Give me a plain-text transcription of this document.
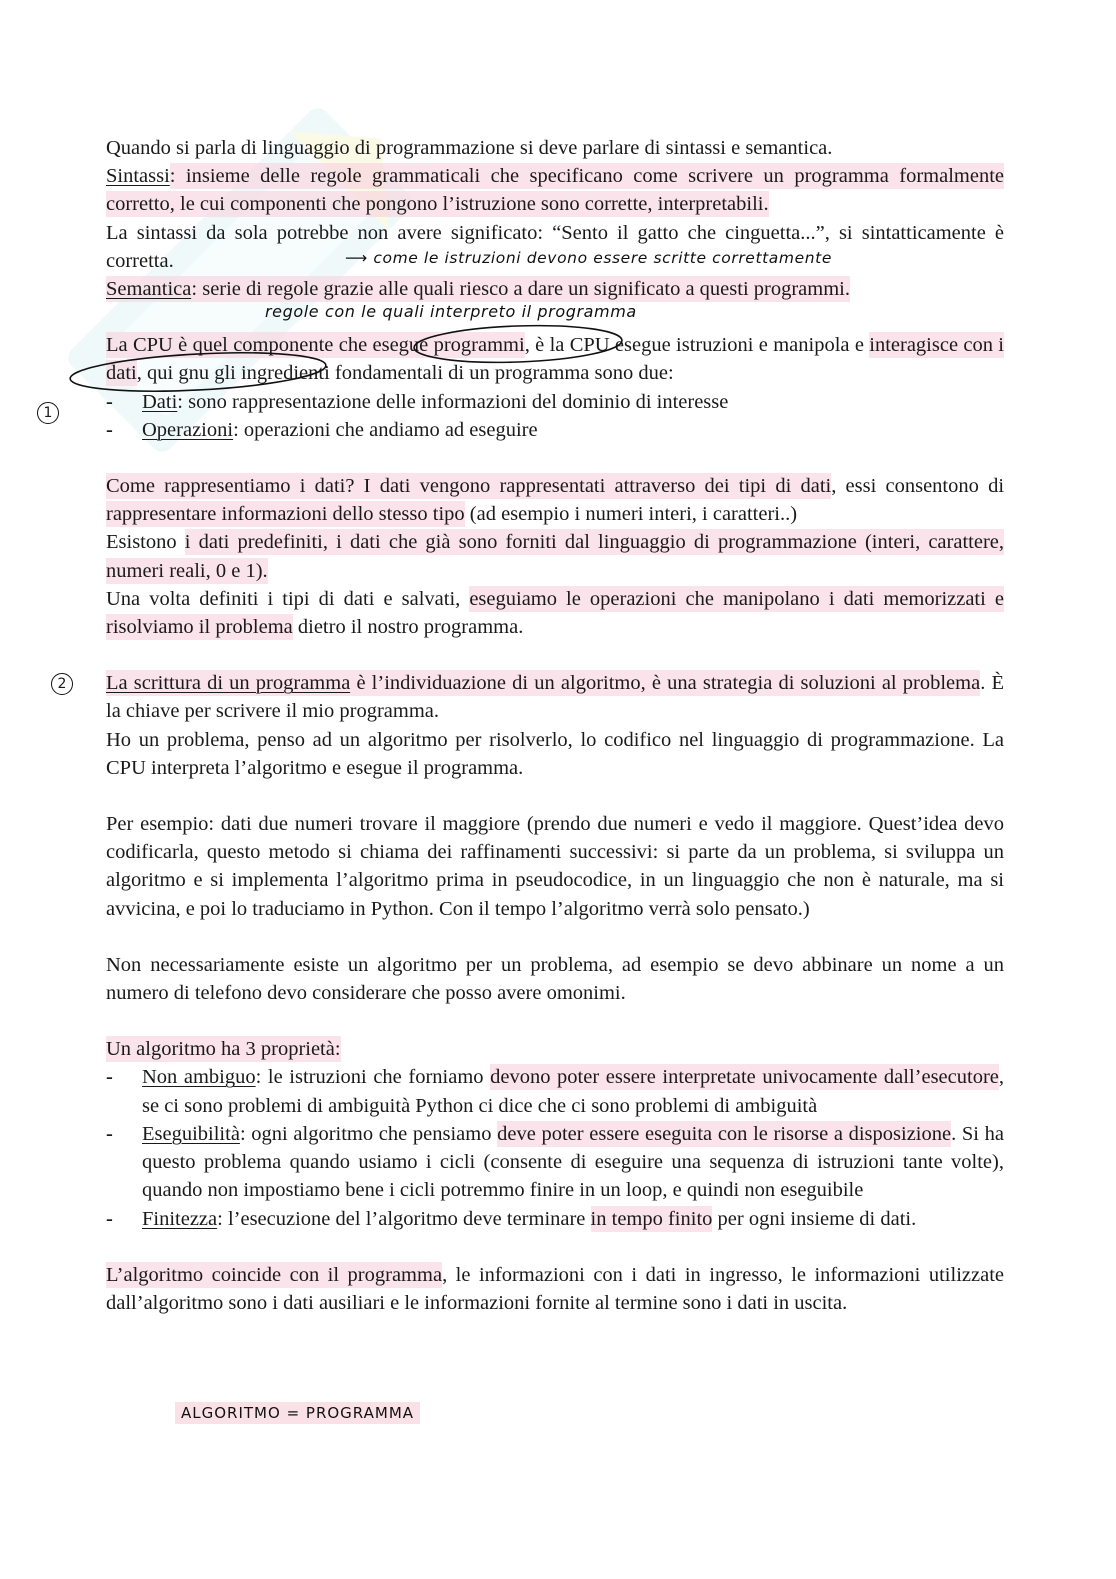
Quando si parla di linguaggio di programmazione si deve parlare di sintassi e semantica.

Sintassi: insieme delle regole grammaticali che specificano come scrivere un programma formalmente corretto, le cui componenti che pongono l’istruzione sono corrette, interpretabili.

La sintassi da sola potrebbe non avere significato: “Sento il gatto che cinguetta...”, si sintatticamente è corretta.

Semantica: serie di regole grazie alle quali riesco a dare un significato a questi programmi.

La CPU è quel componente che esegue programmi, è la CPU esegue istruzioni e manipola e interagisce con i dati, qui gnu gli ingredienti fondamentali di un programma sono due:

- Dati: sono rappresentazione delle informazioni del dominio di interesse
- Operazioni: operazioni che andiamo ad eseguire

Come rappresentiamo i dati? I dati vengono rappresentati attraverso dei tipi di dati, essi consentono di rappresentare informazioni dello stesso tipo (ad esempio i numeri interi, i caratteri..)

Esistono i dati predefiniti, i dati che già sono forniti dal linguaggio di programmazione (interi, carattere, numeri reali, 0 e 1).

Una volta definiti i tipi di dati e salvati, eseguiamo le operazioni che manipolano i dati memorizzati e risolviamo il problema dietro il nostro programma.

La scrittura di un programma è l’individuazione di un algoritmo, è una strategia di soluzioni al problema. È la chiave per scrivere il mio programma.

Ho un problema, penso ad un algoritmo per risolverlo, lo codifico nel linguaggio di programmazione. La CPU interpreta l’algoritmo e esegue il programma.

Per esempio: dati due numeri trovare il maggiore (prendo due numeri e vedo il maggiore. Quest’idea devo codificarla, questo metodo si chiama dei raffinamenti successivi: si parte da un problema, si sviluppa un algoritmo e si implementa l’algoritmo prima in pseudocodice, in un linguaggio che non è naturale, ma si avvicina, e poi lo traduciamo in Python. Con il tempo l’algoritmo verrà solo pensato.)

Non necessariamente esiste un algoritmo per un problema, ad esempio se devo abbinare un nome a un numero di telefono devo considerare che posso avere omonimi.

Un algoritmo ha 3 proprietà:

- Non ambiguo: le istruzioni che forniamo devono poter essere interpretate univocamente dall’esecutore, se ci sono problemi di ambiguità Python ci dice che ci sono problemi di ambiguità
- Eseguibilità: ogni algoritmo che pensiamo deve poter essere eseguita con le risorse a disposizione. Si ha questo problema quando usiamo i cicli (consente di eseguire una sequenza di istruzioni tante volte), quando non impostiamo bene i cicli potremmo finire in un loop, e quindi non eseguibile
- Finitezza: l’esecuzione del l’algoritmo deve terminare in tempo finito per ogni insieme di dati.

L’algoritmo coincide con il programma, le informazioni con i dati in ingresso, le informazioni utilizzate dall’algoritmo sono i dati ausiliari e le informazioni fornite al termine sono i dati in uscita.

⟶ come le istruzioni devono essere scritte correttamente
regole con le quali interpreto il programma
ALGORITMO = PROGRAMMA
1
2
